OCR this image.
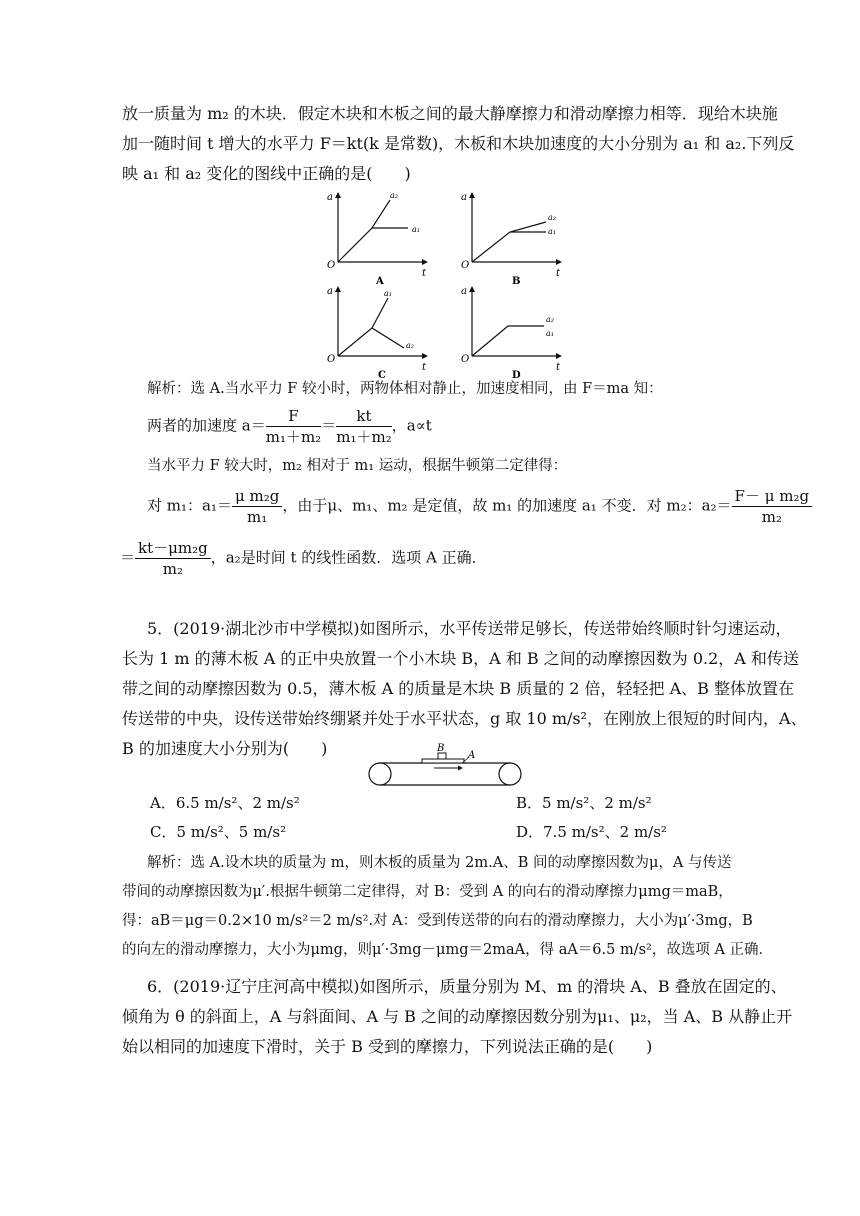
放一质量为 m₂ 的木块．假定木块和木板之间的最大静摩擦力和滑动摩擦力相等．现给木块施
加一随时间 t 增大的水平力 F＝kt(k 是常数)，木板和木块加速度的大小分别为 a₁ 和 a₂.下列反
映 a₁ 和 a₂ 变化的图线中正确的是(　　)
a
O
t
a₂
a₁
A
a
O
t
a₂
a₁
B
a
O
t
a₁
a₂
C
a
O
t
a₂
a₁
D
解析：选 A.当水平力 F 较小时，两物体相对静止，加速度相同，由 F＝ma 知：
两者的加速度 $a= \frac{F}{\text{m₁＋m₂}} = \frac{kt}{\text{m₁＋m₂}}$ ，a∝t
当水平力 F 较大时，m₂ 相对于 m₁ 运动，根据牛顿第二定律得：
对 m₁：$a_1= \frac{\text{μ m₂g}}{\text{m₁}}$ ，由于μ、m₁、m₂ 是定值，故 m₁ 的加速度 a₁ 不变．对 m₂：$a_2= \frac{\text{F－ μ m₂g}}{\text{m₂}}$
＝ $\frac{\text{kt－μm₂g}}{\text{m₂}}$ ，a₂是时间 t 的线性函数．选项 A 正确．
5．(2019·湖北沙市中学模拟)如图所示，水平传送带足够长，传送带始终顺时针匀速运动，
长为 1 m 的薄木板 A 的正中央放置一个小木块 B，A 和 B 之间的动摩擦因数为 0.2，A 和传送
带之间的动摩擦因数为 0.5，薄木板 A 的质量是木块 B 质量的 2 倍，轻轻把 A、B 整体放置在
传送带的中央，设传送带始终绷紧并处于水平状态，g 取 10 m/s²，在刚放上很短的时间内，A、
B 的加速度大小分别为(　　)	B
A
A．6.5 m/s²、2 m/s²	B．5 m/s²、2 m/s²
C．5 m/s²、5 m/s²	D．7.5 m/s²、2 m/s²
解析：选 A.设木块的质量为 m，则木板的质量为 2m.A、B 间的动摩擦因数为μ，A 与传送
带间的动摩擦因数为μ′.根据牛顿第二定律得，对 B：受到 A 的向右的滑动摩擦力μmg＝maB，
得：aB＝μg＝0.2×10 m/s²＝2 m/s².对 A：受到传送带的向右的滑动摩擦力，大小为μ′·3mg，B
的向左的滑动摩擦力，大小为μmg，则μ′·3mg－μmg＝2maA，得 aA＝6.5 m/s²，故选项 A 正确．
6．(2019·辽宁庄河高中模拟)如图所示，质量分别为 M、m 的滑块 A、B 叠放在固定的、
倾角为 θ 的斜面上，A 与斜面间、A 与 B 之间的动摩擦因数分别为μ₁、μ₂，当 A、B 从静止开
始以相同的加速度下滑时，关于 B 受到的摩擦力，下列说法正确的是(　　)
